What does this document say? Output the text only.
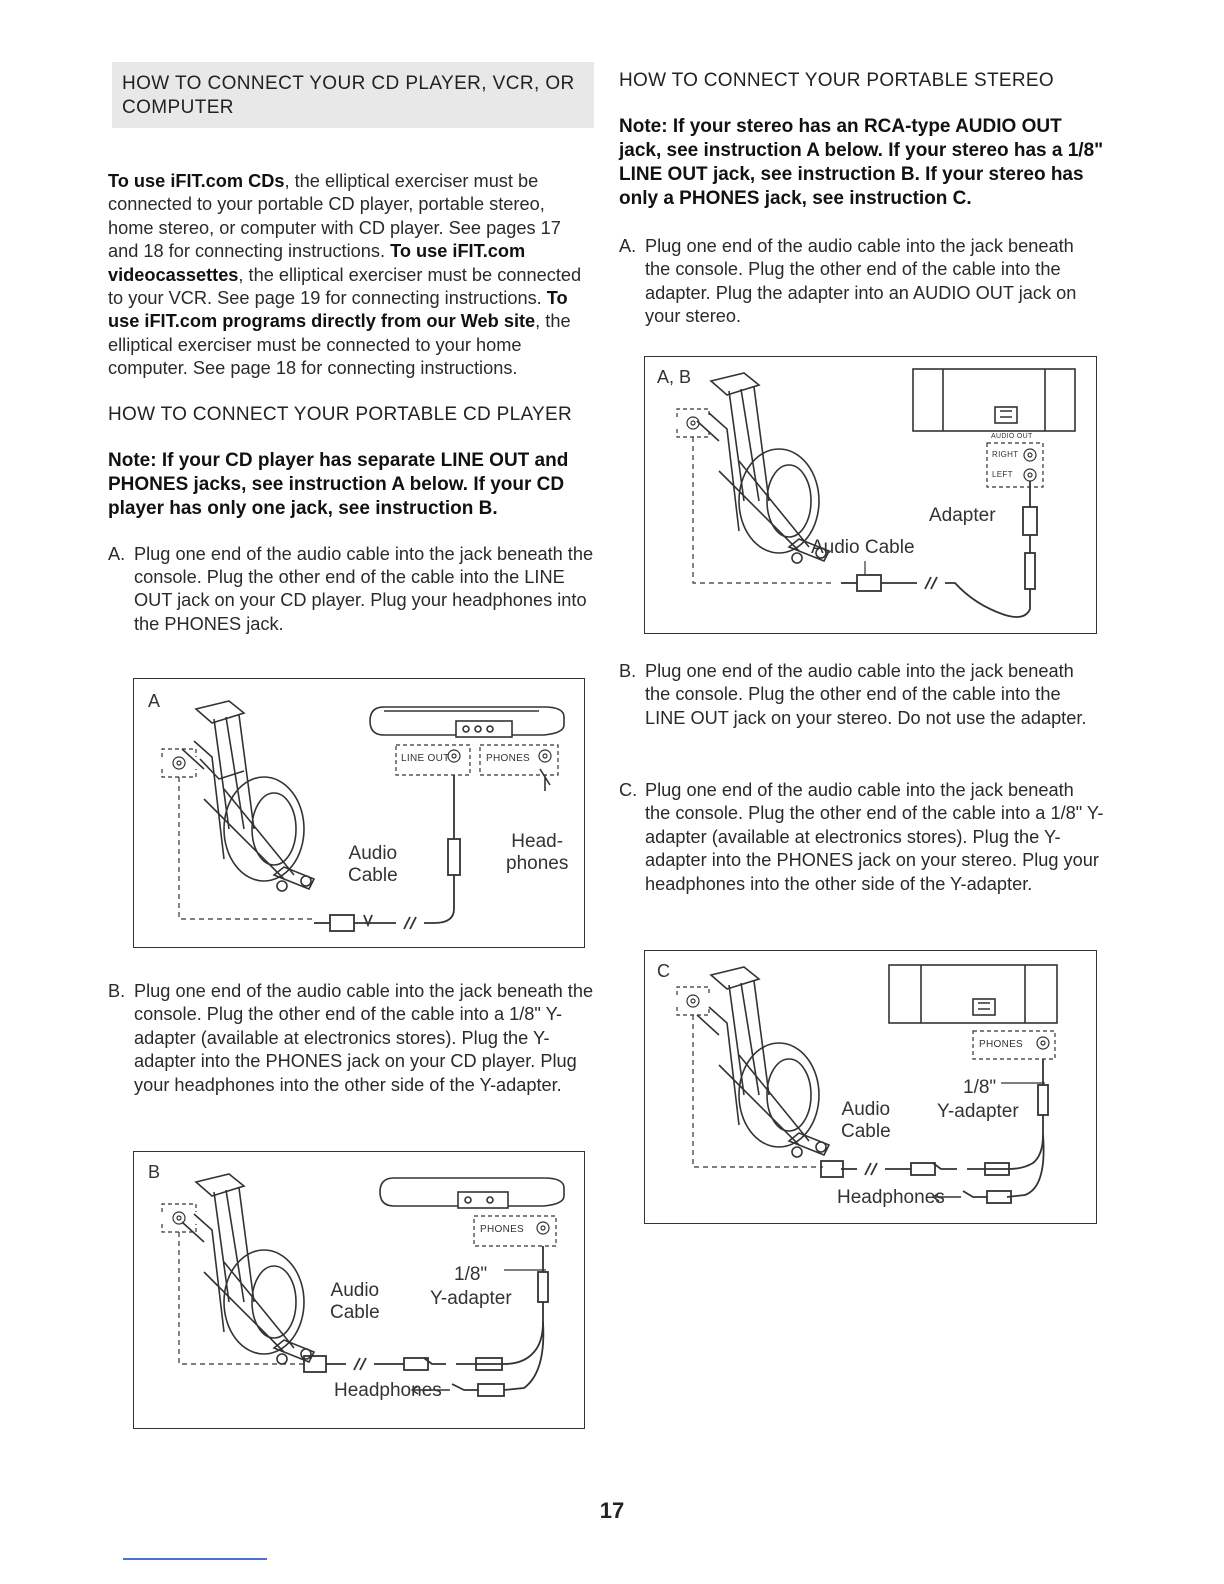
HOW TO CONNECT YOUR CD PLAYER, VCR, OR COMPUTER

To use iFIT.com CDs, the elliptical exerciser must be connected to your portable CD player, portable stereo, home stereo, or computer with CD player. See pages 17 and 18 for connecting instructions. To use iFIT.com videocassettes, the elliptical exerciser must be connected to your VCR. See page 19 for connecting instructions. To use iFIT.com programs directly from our Web site, the elliptical exerciser must be connected to your home computer. See page 18 for connecting instructions.

HOW TO CONNECT YOUR PORTABLE CD PLAYER

Note: If your CD player has separate LINE OUT and PHONES jacks, see instruction A below. If your CD player has only one jack, see instruction B.

A. Plug one end of the audio cable into the jack beneath the console. Plug the other end of the cable into the LINE OUT jack on your CD player. Plug your headphones into the PHONES jack.
A
LINE OUT	PHONES
Audio
Cable
Head-
phones
B. Plug one end of the audio cable into the jack beneath the console. Plug the other end of the cable into a 1/8" Y-adapter (available at electronics stores). Plug the Y-adapter into the PHONES jack on your CD player. Plug your headphones into the other side of the Y-adapter.
B
PHONES
Audio
Cable
1/8"
Y-adapter
Headphones

HOW TO CONNECT YOUR PORTABLE STEREO

Note: If your stereo has an RCA-type AUDIO OUT jack, see instruction A below. If your stereo has a 1/8" LINE OUT jack, see instruction B. If your stereo has only a PHONES jack, see instruction C.

A. Plug one end of the audio cable into the jack beneath the console. Plug the other end of the cable into the adapter. Plug the adapter into an AUDIO OUT jack on your stereo.
A, B
AUDIO OUT
RIGHT
LEFT
Adapter
Audio Cable
B. Plug one end of the audio cable into the jack beneath the console. Plug the other end of the cable into the LINE OUT jack on your stereo. Do not use the adapter.
C. Plug one end of the audio cable into the jack beneath the console. Plug the other end of the cable into a 1/8" Y-adapter (available at electronics stores). Plug the Y-adapter into the PHONES jack on your stereo. Plug your headphones into the other side of the Y-adapter.
C
PHONES
Audio
Cable
1/8"
Y-adapter
Headphones
17
